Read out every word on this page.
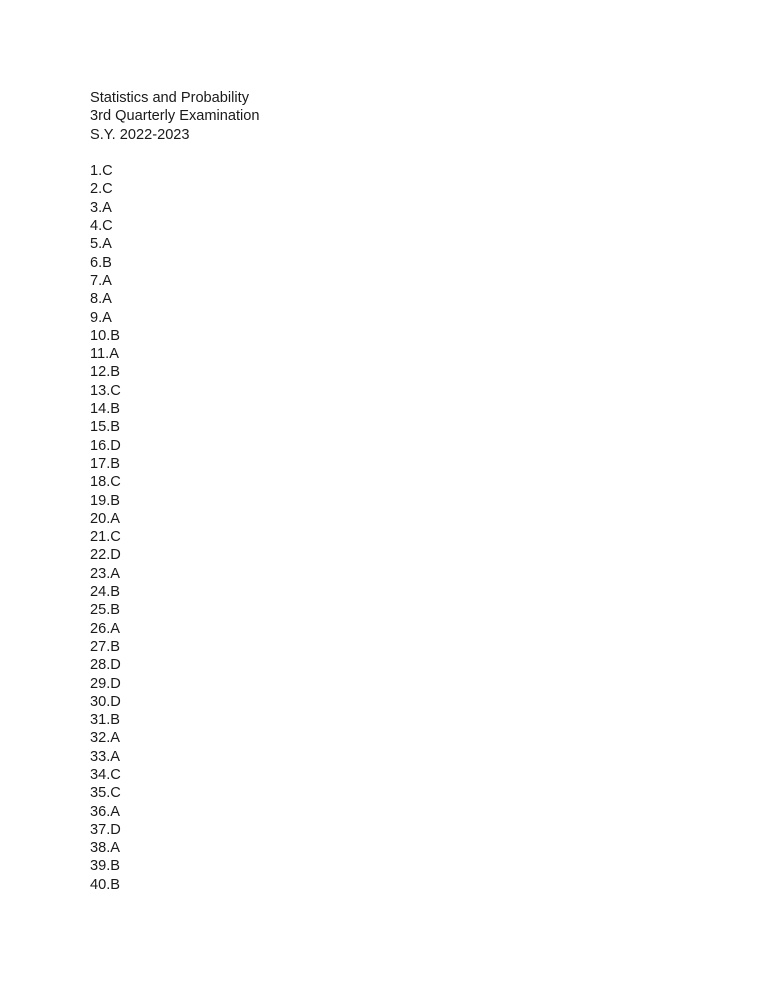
Statistics and Probability
3rd Quarterly Examination
S.Y. 2022-2023
1.C
2.C
3.A
4.C
5.A
6.B
7.A
8.A
9.A
10.B
11.A
12.B
13.C
14.B
15.B
16.D
17.B
18.C
19.B
20.A
21.C
22.D
23.A
24.B
25.B
26.A
27.B
28.D
29.D
30.D
31.B
32.A
33.A
34.C
35.C
36.A
37.D
38.A
39.B
40.B
